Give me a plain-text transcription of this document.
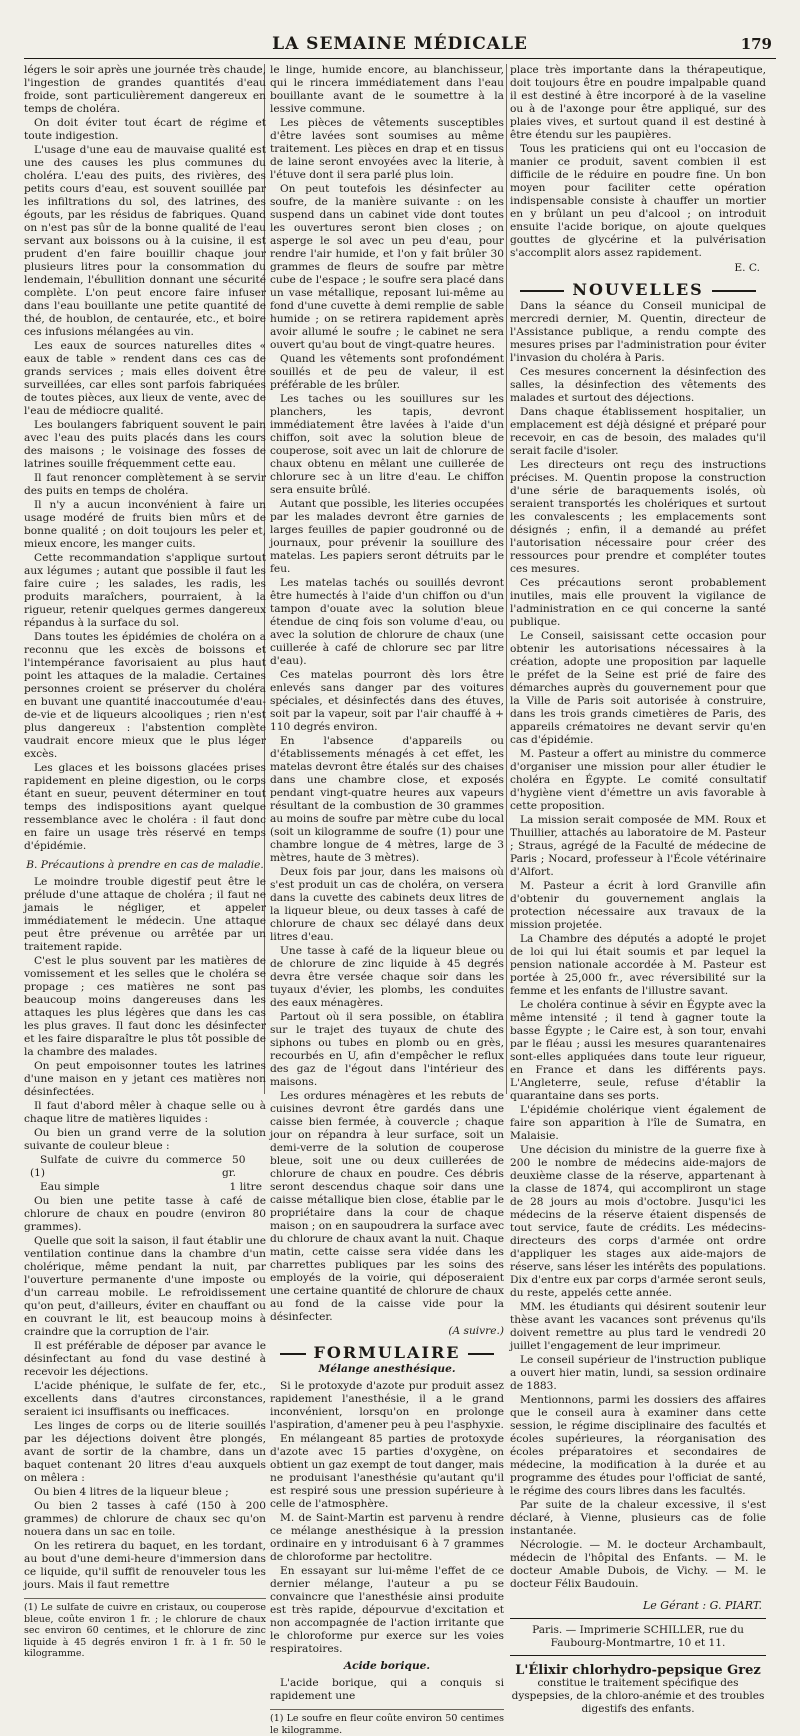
LA SEMAINE MÉDICALE	179

légers le soir après une journée très chaude, l'ingestion de grandes quantités d'eau froide, sont particulièrement dangereux en temps de choléra.

On doit éviter tout écart de régime et toute indigestion.

L'usage d'une eau de mauvaise qualité est une des causes les plus communes du choléra. L'eau des puits, des rivières, des petits cours d'eau, est souvent souillée par les infiltrations du sol, des latrines, des égouts, par les résidus de fabriques. Quand on n'est pas sûr de la bonne qualité de l'eau servant aux boissons ou à la cuisine, il est prudent d'en faire bouillir chaque jour plusieurs litres pour la consommation du lendemain, l'ébullition donnant une sécurité complète. L'on peut encore faire infuser dans l'eau bouillante une petite quantité de thé, de houblon, de centaurée, etc., et boire ces infusions mélangées au vin.

Les eaux de sources naturelles dites « eaux de table » rendent dans ces cas de grands services ; mais elles doivent être surveillées, car elles sont parfois fabriquées de toutes pièces, aux lieux de vente, avec de l'eau de médiocre qualité.

Les boulangers fabriquent souvent le pain avec l'eau des puits placés dans les cours des maisons ; le voisinage des fosses de latrines souille fréquemment cette eau.

Il faut renoncer complètement à se servir des puits en temps de choléra.

Il n'y a aucun inconvénient à faire un usage modéré de fruits bien mûrs et de bonne qualité ; on doit toujours les peler et, mieux encore, les manger cuits.

Cette recommandation s'applique surtout aux légumes ; autant que possible il faut les faire cuire ; les salades, les radis, les produits maraîchers, pourraient, à la rigueur, retenir quelques germes dangereux répandus à la surface du sol.

Dans toutes les épidémies de choléra on a reconnu que les excès de boissons et l'intempérance favorisaient au plus haut point les attaques de la maladie. Certaines personnes croient se préserver du choléra en buvant une quantité inaccoutumée d'eau-de-vie et de liqueurs alcooliques ; rien n'est plus dangereux : l'abstention complète vaudrait encore mieux que le plus léger excès.

Les glaces et les boissons glacées prises rapidement en pleine digestion, ou le corps étant en sueur, peuvent déterminer en tout temps des indispositions ayant quelque ressemblance avec le choléra : il faut donc en faire un usage très réservé en temps d'épidémie.

B. Précautions à prendre en cas de maladie.

Le moindre trouble digestif peut être le prélude d'une attaque de choléra ; il faut ne jamais le négliger, et appeler immédiatement le médecin. Une attaque peut être prévenue ou arrêtée par un traitement rapide.

C'est le plus souvent par les matières de vomissement et les selles que le choléra se propage ; ces matières ne sont pas beaucoup moins dangereuses dans les attaques les plus légères que dans les cas les plus graves. Il faut donc les désinfecter et les faire disparaître le plus tôt possible de la chambre des malades.

On peut empoisonner toutes les latrines d'une maison en y jetant ces matières non désinfectées.

Il faut d'abord mêler à chaque selle ou à chaque litre de matières liquides :

Ou bien un grand verre de la solution suivante de couleur bleue :

Sulfate de cuivre du commerce (1)
50 gr.

Eau simple	1 litre

Ou bien une petite tasse à café de chlorure de chaux en poudre (environ 80 grammes).

Quelle que soit la saison, il faut établir une ventilation continue dans la chambre d'un cholérique, même pendant la nuit, par l'ouverture permanente d'une imposte ou d'un carreau mobile. Le refroidissement qu'on peut, d'ailleurs, éviter en chauffant ou en couvrant le lit, est beaucoup moins à craindre que la corruption de l'air.

Il est préférable de déposer par avance le désinfectant au fond du vase destiné à recevoir les déjections.

L'acide phénique, le sulfate de fer, etc., excellents dans d'autres circonstances, seraient ici insuffisants ou inefficaces.

Les linges de corps ou de literie souillés par les déjections doivent être plongés, avant de sortir de la chambre, dans un baquet contenant 20 litres d'eau auxquels on mêlera :

Ou bien 4 litres de la liqueur bleue ;

Ou bien 2 tasses à café (150 à 200 grammes) de chlorure de chaux sec qu'on nouera dans un sac en toile.

On les retirera du baquet, en les tordant, au bout d'une demi-heure d'immersion dans ce liquide, qu'il suffit de renouveler tous les jours. Mais il faut remettre

(1) Le sulfate de cuivre en cristaux, ou couperose bleue, coûte environ 1 fr. ; le chlorure de chaux sec environ 60 centimes, et le chlorure de zinc liquide à 45 degrés environ 1 fr. à 1 fr. 50 le kilogramme.

le linge, humide encore, au blanchisseur, qui le rincera immédiatement dans l'eau bouillante avant de le soumettre à la lessive commune.

Les pièces de vêtements susceptibles d'être lavées sont soumises au même traitement. Les pièces en drap et en tissus de laine seront envoyées avec la literie, à l'étuve dont il sera parlé plus loin.

On peut toutefois les désinfecter au soufre, de la manière suivante : on les suspend dans un cabinet vide dont toutes les ouvertures seront bien closes ; on asperge le sol avec un peu d'eau, pour rendre l'air humide, et l'on y fait brûler 30 grammes de fleurs de soufre par mètre cube de l'espace ; le soufre sera placé dans un vase métallique, reposant lui-même au fond d'une cuvette à demi remplie de sable humide ; on se retirera rapidement après avoir allumé le soufre ; le cabinet ne sera ouvert qu'au bout de vingt-quatre heures.

Quand les vêtements sont profondément souillés et de peu de valeur, il est préférable de les brûler.

Les taches ou les souillures sur les planchers, les tapis, devront immédiatement être lavées à l'aide d'un chiffon, soit avec la solution bleue de couperose, soit avec un lait de chlorure de chaux obtenu en mêlant une cuillerée de chlorure sec à un litre d'eau. Le chiffon sera ensuite brûlé.

Autant que possible, les literies occupées par les malades devront être garnies de larges feuilles de papier goudronné ou de journaux, pour prévenir la souillure des matelas. Les papiers seront détruits par le feu.

Les matelas tachés ou souillés devront être humectés à l'aide d'un chiffon ou d'un tampon d'ouate avec la solution bleue étendue de cinq fois son volume d'eau, ou avec la solution de chlorure de chaux (une cuillerée à café de chlorure sec par litre d'eau).

Ces matelas pourront dès lors être enlevés sans danger par des voitures spéciales, et désinfectés dans des étuves, soit par la vapeur, soit par l'air chauffé à + 110 degrés environ.

En l'absence d'appareils ou d'établissements ménagés à cet effet, les matelas devront être étalés sur des chaises dans une chambre close, et exposés pendant vingt-quatre heures aux vapeurs résultant de la combustion de 30 grammes au moins de soufre par mètre cube du local (soit un kilogramme de soufre (1) pour une chambre longue de 4 mètres, large de 3 mètres, haute de 3 mètres).

Deux fois par jour, dans les maisons où s'est produit un cas de choléra, on versera dans la cuvette des cabinets deux litres de la liqueur bleue, ou deux tasses à café de chlorure de chaux sec délayé dans deux litres d'eau.

Une tasse à café de la liqueur bleue ou de chlorure de zinc liquide à 45 degrés devra être versée chaque soir dans les tuyaux d'évier, les plombs, les conduites des eaux ménagères.

Partout où il sera possible, on établira sur le trajet des tuyaux de chute des siphons ou tubes en plomb ou en grès, recourbés en U, afin d'empêcher le reflux des gaz de l'égout dans l'intérieur des maisons.

Les ordures ménagères et les rebuts de cuisines devront être gardés dans une caisse bien fermée, à couvercle ; chaque jour on répandra à leur surface, soit un demi-verre de la solution de couperose bleue, soit une ou deux cuillerées de chlorure de chaux en poudre. Ces débris seront descendus chaque soir dans une caisse métallique bien close, établie par le propriétaire dans la cour de chaque maison ; on en saupoudrera la surface avec du chlorure de chaux avant la nuit. Chaque matin, cette caisse sera vidée dans les charrettes publiques par les soins des employés de la voirie, qui déposeraient une certaine quantité de chlorure de chaux au fond de la caisse vide pour la désinfecter.

(A suivre.)
FORMULAIRE
Mélange anesthésique.

Si le protoxyde d'azote pur produit assez rapidement l'anesthésie, il a le grand inconvénient, lorsqu'on en prolonge l'aspiration, d'amener peu à peu l'asphyxie.

En mélangeant 85 parties de protoxyde d'azote avec 15 parties d'oxygène, on obtient un gaz exempt de tout danger, mais ne produisant l'anesthésie qu'autant qu'il est respiré sous une pression supérieure à celle de l'atmosphère.

M. de Saint-Martin est parvenu à rendre ce mélange anesthésique à la pression ordinaire en y introduisant 6 à 7 grammes de chloroforme par hectolitre.

En essayant sur lui-même l'effet de ce dernier mélange, l'auteur a pu se convaincre que l'anesthésie ainsi produite est très rapide, dépourvue d'excitation et non accompagnée de l'action irritante que le chloroforme pur exerce sur les voies respiratoires.

Acide borique.

L'acide borique, qui a conquis si rapidement une

(1) Le soufre en fleur coûte environ 50 centimes le kilogramme.

place très importante dans la thérapeutique, doit toujours être en poudre impalpable quand il est destiné à être incorporé à de la vaseline ou à de l'axonge pour être appliqué, sur des plaies vives, et surtout quand il est destiné à être étendu sur les paupières.

Tous les praticiens qui ont eu l'occasion de manier ce produit, savent combien il est difficile de le réduire en poudre fine. Un bon moyen pour faciliter cette opération indispensable consiste à chauffer un mortier en y brûlant un peu d'alcool ; on introduit ensuite l'acide borique, on ajoute quelques gouttes de glycérine et la pulvérisation s'accomplit alors assez rapidement.

E. C.
NOUVELLES

Dans la séance du Conseil municipal de mercredi dernier, M. Quentin, directeur de l'Assistance publique, a rendu compte des mesures prises par l'administration pour éviter l'invasion du choléra à Paris.

Ces mesures concernent la désinfection des salles, la désinfection des vêtements des malades et surtout des déjections.

Dans chaque établissement hospitalier, un emplacement est déjà désigné et préparé pour recevoir, en cas de besoin, des malades qu'il serait facile d'isoler.

Les directeurs ont reçu des instructions précises. M. Quentin propose la construction d'une série de baraquements isolés, où seraient transportés les cholériques et surtout les convalescents ; les emplacements sont désignés ; enfin, il a demandé au préfet l'autorisation nécessaire pour créer des ressources pour prendre et compléter toutes ces mesures.

Ces précautions seront probablement inutiles, mais elle prouvent la vigilance de l'administration en ce qui concerne la santé publique.

Le Conseil, saisissant cette occasion pour obtenir les autorisations nécessaires à la création, adopte une proposition par laquelle le préfet de la Seine est prié de faire des démarches auprès du gouvernement pour que la Ville de Paris soit autorisée à construire, dans les trois grands cimetières de Paris, des appareils crématoires ne devant servir qu'en cas d'épidémie.

M. Pasteur a offert au ministre du commerce d'organiser une mission pour aller étudier le choléra en Égypte. Le comité consultatif d'hygiène vient d'émettre un avis favorable à cette proposition.

La mission serait composée de MM. Roux et Thuillier, attachés au laboratoire de M. Pasteur ; Straus, agrégé de la Faculté de médecine de Paris ; Nocard, professeur à l'École vétérinaire d'Alfort.

M. Pasteur a écrit à lord Granville afin d'obtenir du gouvernement anglais la protection nécessaire aux travaux de la mission projetée.

La Chambre des députés a adopté le projet de loi qui lui était soumis et par lequel la pension nationale accordée à M. Pasteur est portée à 25,000 fr., avec réversibilité sur la femme et les enfants de l'illustre savant.

Le choléra continue à sévir en Égypte avec la même intensité ; il tend à gagner toute la basse Égypte ; le Caire est, à son tour, envahi par le fléau ; aussi les mesures quarantenaires sont-elles appliquées dans toute leur rigueur, en France et dans les différents pays. L'Angleterre, seule, refuse d'établir la quarantaine dans ses ports.

L'épidémie cholérique vient également de faire son apparition à l'île de Sumatra, en Malaisie.

Une décision du ministre de la guerre fixe à 200 le nombre de médecins aide-majors de deuxième classe de la réserve, appartenant à la classe de 1874, qui accompliront un stage de 28 jours au mois d'octobre. Jusqu'ici les médecins de la réserve étaient dispensés de tout service, faute de crédits. Les médecins-directeurs des corps d'armée ont ordre d'appliquer les stages aux aide-majors de réserve, sans léser les intérêts des populations. Dix d'entre eux par corps d'armée seront seuls, du reste, appelés cette année.

MM. les étudiants qui désirent soutenir leur thèse avant les vacances sont prévenus qu'ils doivent remettre au plus tard le vendredi 20 juillet l'engagement de leur imprimeur.

Le conseil supérieur de l'instruction publique a ouvert hier matin, lundi, sa session ordinaire de 1883.

Mentionnons, parmi les dossiers des affaires que le conseil aura à examiner dans cette session, le régime disciplinaire des facultés et écoles supérieures, la réorganisation des écoles préparatoires et secondaires de médecine, la modification à la durée et au programme des études pour l'officiat de santé, le régime des cours libres dans les facultés.

Par suite de la chaleur excessive, il s'est déclaré, à Vienne, plusieurs cas de folie instantanée.

Nécrologie. — M. le docteur Archambault, médecin de l'hôpital des Enfants. — M. le docteur Amable Dubois, de Vichy. — M. le docteur Félix Baudouin.

Le Gérant : G. PIART.
Paris. — Imprimerie SCHILLER, rue du Faubourg-Montmartre, 10 et 11.
L'Élixir chlorhydro-pepsique Grez
constitue le traitement spécifique des dyspepsies, de la chloro-anémie et des troubles digestifs des enfants.
